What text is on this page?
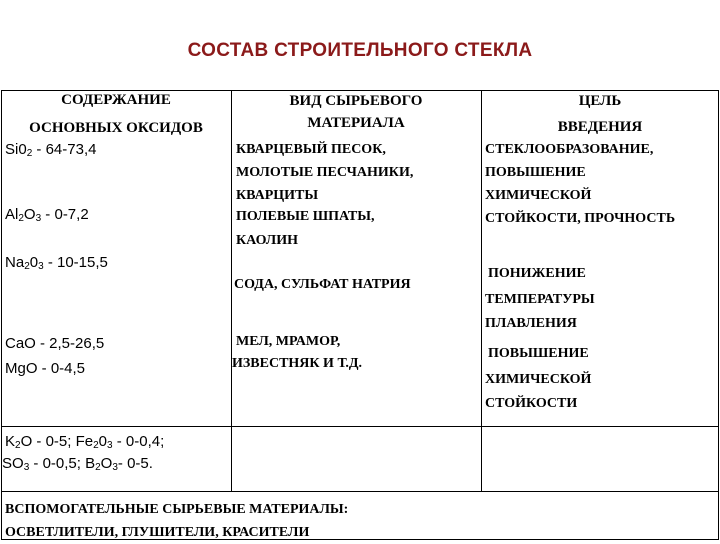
СОСТАВ СТРОИТЕЛЬНОГО СТЕКЛА
СОДЕРЖАНИЕ
ОСНОВНЫХ ОКСИДОВ
ВИД СЫРЬЕВОГО
МАТЕРИАЛА
ЦЕЛЬ
ВВЕДЕНИЯ
$Si0_2 - 64-73,4$
$Al_2O_3 - 0-7,2$
$Na_20_3 - 10-15,5$
CaO - 2,5-26,5
MgO - 0-4,5
$K_2O - 0-5$; $Fe_20_3 - 0-0,4$;
$SO_3 - 0-0,5$; $B_2O_3-$ 0-5.
КВАРЦЕВЫЙ ПЕСОК,
МОЛОТЫЕ ПЕСЧАНИКИ,
КВАРЦИТЫ
ПОЛЕВЫЕ ШПАТЫ,
КАОЛИН
СОДА, СУЛЬФАТ НАТРИЯ
МЕЛ, МРАМОР,
ИЗВЕСТНЯК И Т.Д.
СТЕКЛООБРАЗОВАНИЕ,
ПОВЫШЕНИЕ
ХИМИЧЕСКОЙ
СТОЙКОСТИ, ПРОЧНОСТЬ
ПОНИЖЕНИЕ
ТЕМПЕРАТУРЫ
ПЛАВЛЕНИЯ
ПОВЫШЕНИЕ
ХИМИЧЕСКОЙ
СТОЙКОСТИ
ВСПОМОГАТЕЛЬНЫЕ СЫРЬЕВЫЕ МАТЕРИАЛЫ:
ОСВЕТЛИТЕЛИ, ГЛУШИТЕЛИ, КРАСИТЕЛИ
